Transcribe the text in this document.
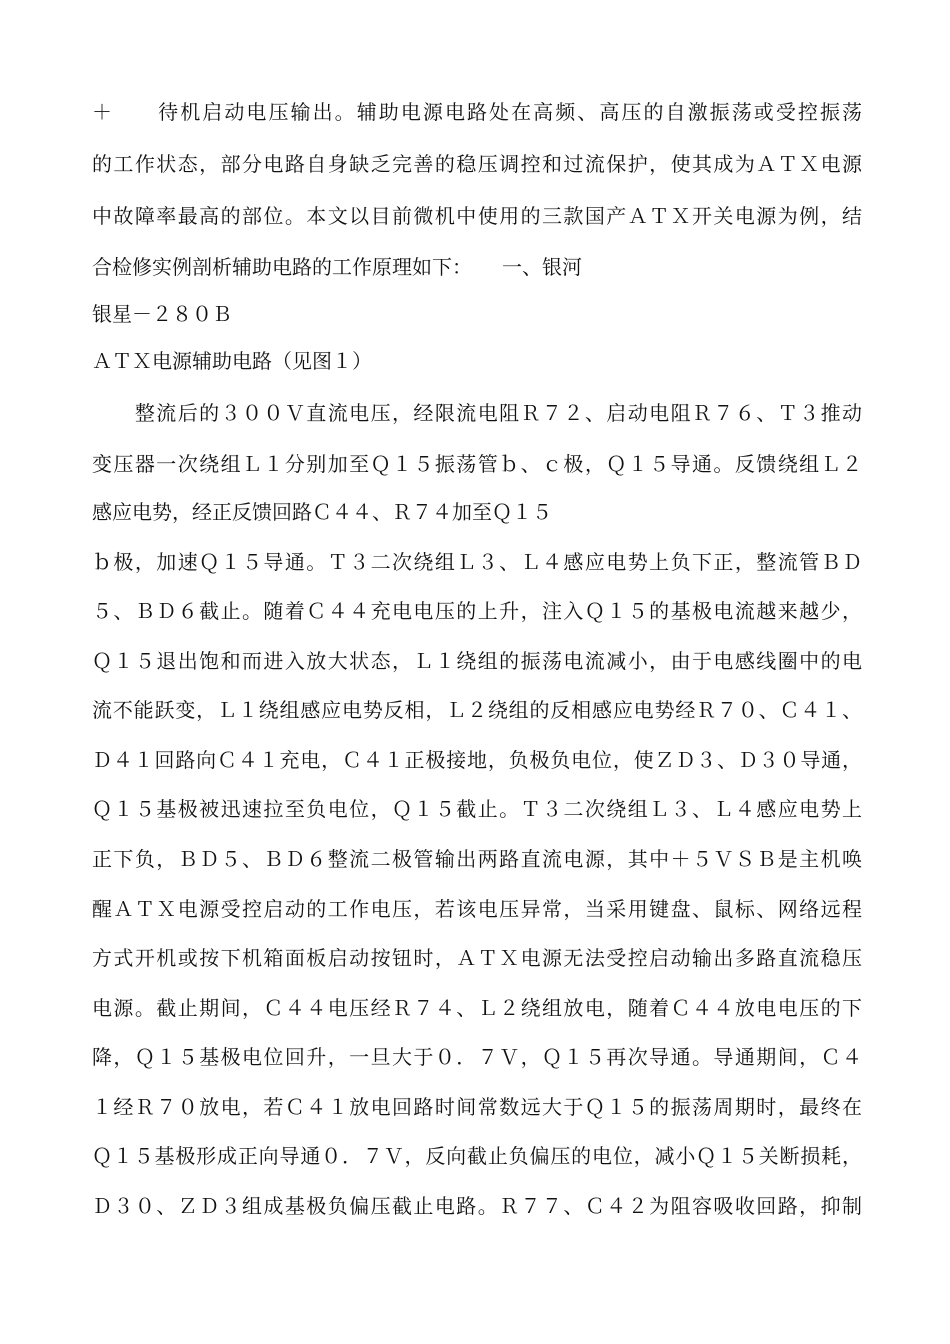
＋　　待机启动电压输出。辅助电源电路处在高频、高压的自激振荡或受控振荡
的工作状态，部分电路自身缺乏完善的稳压调控和过流保护，使其成为ＡＴＸ电源
中故障率最高的部位。本文以目前微机中使用的三款国产ＡＴＸ开关电源为例，结
合检修实例剖析辅助电路的工作原理如下：　　一、银河
银星－２８０Ｂ
ＡＴＸ电源辅助电路（见图１）
　　整流后的３００Ｖ直流电压，经限流电阻Ｒ７２、启动电阻Ｒ７６、Ｔ３推动
变压器一次绕组Ｌ１分别加至Ｑ１５振荡管ｂ、ｃ极，Ｑ１５导通。反馈绕组Ｌ２
感应电势，经正反馈回路Ｃ４４、Ｒ７４加至Ｑ１５
ｂ极，加速Ｑ１５导通。Ｔ３二次绕组Ｌ３、Ｌ４感应电势上负下正，整流管ＢＤ
５、ＢＤ６截止。随着Ｃ４４充电电压的上升，注入Ｑ１５的基极电流越来越少，
Ｑ１５退出饱和而进入放大状态，Ｌ１绕组的振荡电流减小，由于电感线圈中的电
流不能跃变，Ｌ１绕组感应电势反相，Ｌ２绕组的反相感应电势经Ｒ７０、Ｃ４１、
Ｄ４１回路向Ｃ４１充电，Ｃ４１正极接地，负极负电位，使ＺＤ３、Ｄ３０导通，
Ｑ１５基极被迅速拉至负电位，Ｑ１５截止。Ｔ３二次绕组Ｌ３、Ｌ４感应电势上
正下负，ＢＤ５、ＢＤ６整流二极管输出两路直流电源，其中＋５ＶＳＢ是主机唤
醒ＡＴＸ电源受控启动的工作电压，若该电压异常，当采用键盘、鼠标、网络远程
方式开机或按下机箱面板启动按钮时，ＡＴＸ电源无法受控启动输出多路直流稳压
电源。截止期间，Ｃ４４电压经Ｒ７４、Ｌ２绕组放电，随着Ｃ４４放电电压的下
降，Ｑ１５基极电位回升，一旦大于０．７Ｖ，Ｑ１５再次导通。导通期间，Ｃ４
１经Ｒ７０放电，若Ｃ４１放电回路时间常数远大于Ｑ１５的振荡周期时，最终在
Ｑ１５基极形成正向导通０．７Ｖ，反向截止负偏压的电位，减小Ｑ１５关断损耗，
Ｄ３０、ＺＤ３组成基极负偏压截止电路。Ｒ７７、Ｃ４２为阻容吸收回路，抑制
